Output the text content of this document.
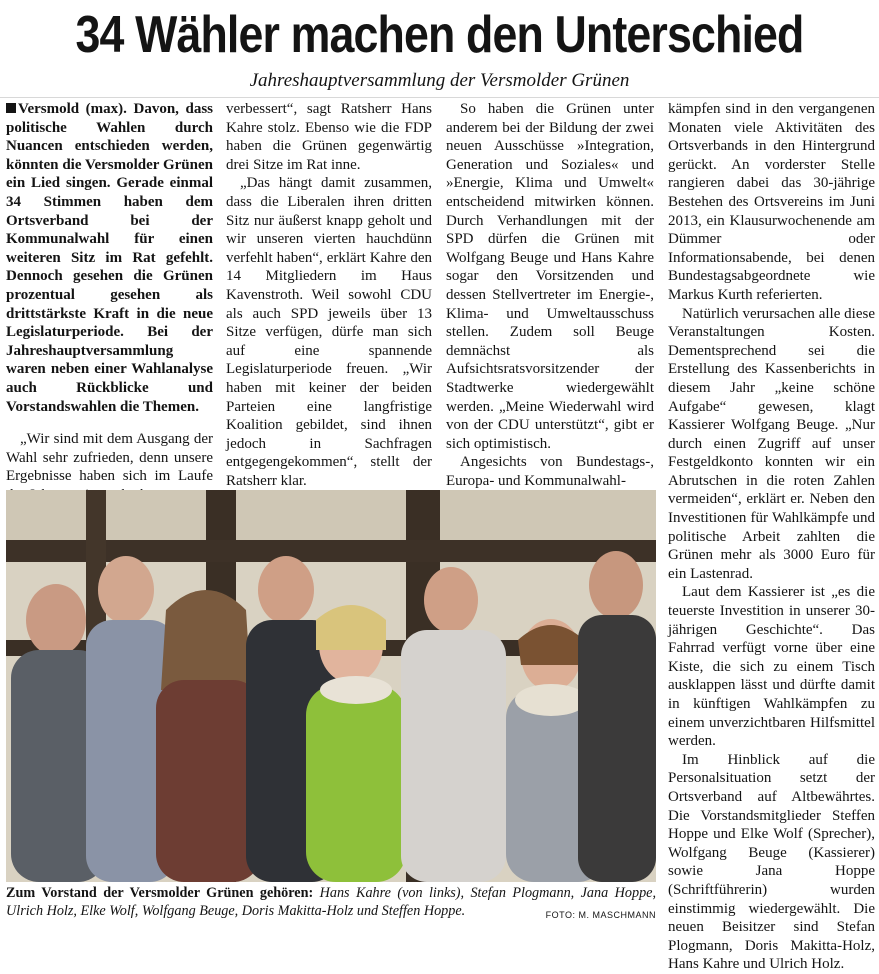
34 Wähler machen den Unterschied
Jahreshauptversammlung der Versmolder Grünen

Versmold (max). Davon, dass politische Wahlen durch Nuancen entschieden werden, könnten die Versmolder Grünen ein Lied singen. Gerade einmal 34 Stimmen haben dem Ortsverband bei der Kommunalwahl für einen weiteren Sitz im Rat gefehlt. Dennoch gesehen die Grünen prozentual gesehen als drittstärkste Kraft in die neue Legislaturperiode. Bei der Jahreshauptversammlung waren neben einer Wahlanalyse auch Rückblicke und Vorstandswahlen die Themen.

„Wir sind mit dem Ausgang der Wahl sehr zufrieden, denn unsere Ergebnisse haben sich im Laufe

verbessert“, sagt Ratsherr Hans Kahre stolz. Ebenso wie die FDP haben die Grünen gegenwärtig drei Sitze im Rat inne.

„Das hängt damit zusammen, dass die Liberalen ihren dritten Sitz nur äußerst knapp geholt und wir unseren vierten hauchdünn verfehlt haben“, erklärt Kahre den 14 Mitgliedern im Haus Kavenstroth. Weil sowohl CDU als auch SPD jeweils über 13 Sitze verfügen, dürfe man sich auf eine spannende Legislaturperiode freuen. „Wir haben mit keiner der beiden Parteien eine langfristige Koalition gebildet, sind ihnen jedoch in Sachfragen entgegengekommen“, stellt der Ratsherr klar.

So haben die Grünen unter anderem bei der Bildung der zwei neuen Ausschüsse »Integration, Generation und Soziales« und »Energie, Klima und Umwelt« entscheidend mitwirken können. Durch Verhandlungen mit der SPD dürfen die Grünen mit Wolfgang Beuge und Hans Kahre sogar den Vorsitzenden und dessen Stellvertreter im Energie-, Klima- und Umweltausschuss stellen. Zudem soll Beuge demnächst als Aufsichtsratsvorsitzender der Stadtwerke wiedergewählt werden. „Meine Wiederwahl wird von der CDU unterstützt“, gibt er sich optimistisch.

Angesichts von Bundestags-, Europa- und Kommunalwahl-

kämpfen sind in den vergangenen Monaten viele Aktivitäten des Ortsverbands in den Hintergrund gerückt. An vorderster Stelle rangieren dabei das 30-jährige Bestehen des Ortsvereins im Juni 2013, ein Klausurwochenende am Dümmer oder Informationsabende, bei denen Bundestagsabgeordnete wie Markus Kurth referierten.

Natürlich verursachen alle diese Veranstaltungen Kosten. Dementsprechend sei die Erstellung des Kassenberichts in diesem Jahr „keine schöne Aufgabe“ gewesen, klagt Kassierer Wolfgang Beuge. „Nur durch einen Zugriff auf unser Festgeldkonto konnten wir ein Abrutschen in die roten Zahlen vermeiden“, erklärt er. Neben den Investitionen für Wahlkämpfe und politische Arbeit zahlten die Grünen mehr als 3000 Euro für ein Lastenrad.

Laut dem Kassierer ist „es die teuerste Investition in unserer 30-jährigen Geschichte“. Das Fahrrad verfügt vorne über eine Kiste, die sich zu einem Tisch ausklappen lässt und dürfte damit in künftigen Wahlkämpfen zu einem unverzichtbaren Hilfsmittel werden.

Im Hinblick auf die Personalsituation setzt der Ortsverband auf Altbewährtes. Die Vorstandsmitglieder Steffen Hoppe und Elke Wolf (Sprecher), Wolfgang Beuge (Kassierer) sowie Jana Hoppe (Schriftführerin) wurden einstimmig wiedergewählt. Die neuen Beisitzer sind Stefan Plogmann, Doris Makitta-Holz, Hans Kahre und Ulrich Holz.

Zum Vorstand der Versmolder Grünen gehören: Hans Kahre (von links), Stefan Plogmann, Jana Hoppe, Ulrich Holz, Elke Wolf, Wolfgang Beuge, Doris Makitta-Holz und Steffen Hoppe.	FOTO: M. MASCHMANN
